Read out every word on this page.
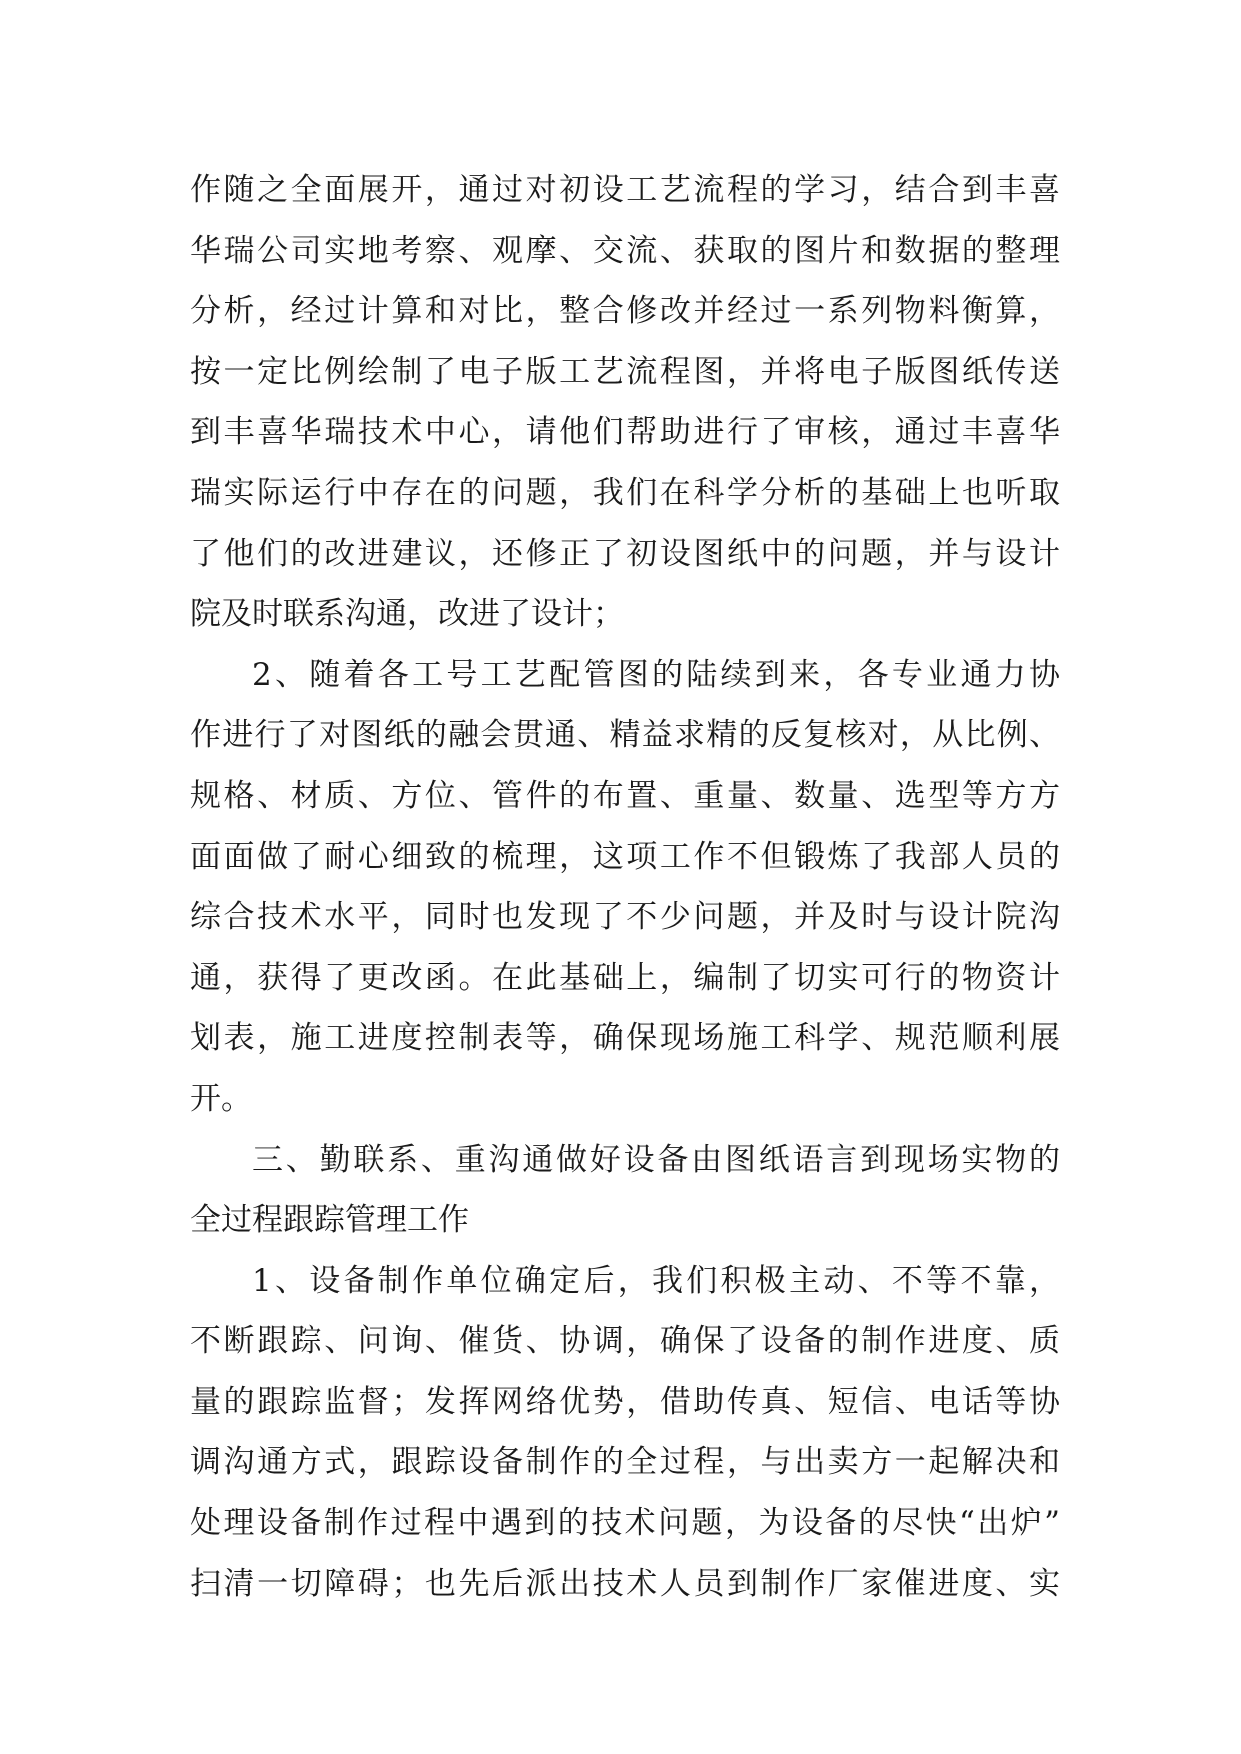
作随之全面展开，通过对初设工艺流程的学习，结合到丰喜
华瑞公司实地考察、观摩、交流、获取的图片和数据的整理
分析，经过计算和对比，整合修改并经过一系列物料衡算，
按一定比例绘制了电子版工艺流程图，并将电子版图纸传送
到丰喜华瑞技术中心，请他们帮助进行了审核，通过丰喜华
瑞实际运行中存在的问题，我们在科学分析的基础上也听取
了他们的改进建议，还修正了初设图纸中的问题，并与设计
院及时联系沟通，改进了设计；
2、随着各工号工艺配管图的陆续到来，各专业通力协
作进行了对图纸的融会贯通、精益求精的反复核对，从比例、
规格、材质、方位、管件的布置、重量、数量、选型等方方
面面做了耐心细致的梳理，这项工作不但锻炼了我部人员的
综合技术水平，同时也发现了不少问题，并及时与设计院沟
通，获得了更改函。在此基础上，编制了切实可行的物资计
划表，施工进度控制表等，确保现场施工科学、规范顺利展
开。
三、勤联系、重沟通做好设备由图纸语言到现场实物的
全过程跟踪管理工作
1、设备制作单位确定后，我们积极主动、不等不靠，
不断跟踪、问询、催货、协调，确保了设备的制作进度、质
量的跟踪监督；发挥网络优势，借助传真、短信、电话等协
调沟通方式，跟踪设备制作的全过程，与出卖方一起解决和
处理设备制作过程中遇到的技术问题，为设备的尽快“出炉”
扫清一切障碍；也先后派出技术人员到制作厂家催进度、实
